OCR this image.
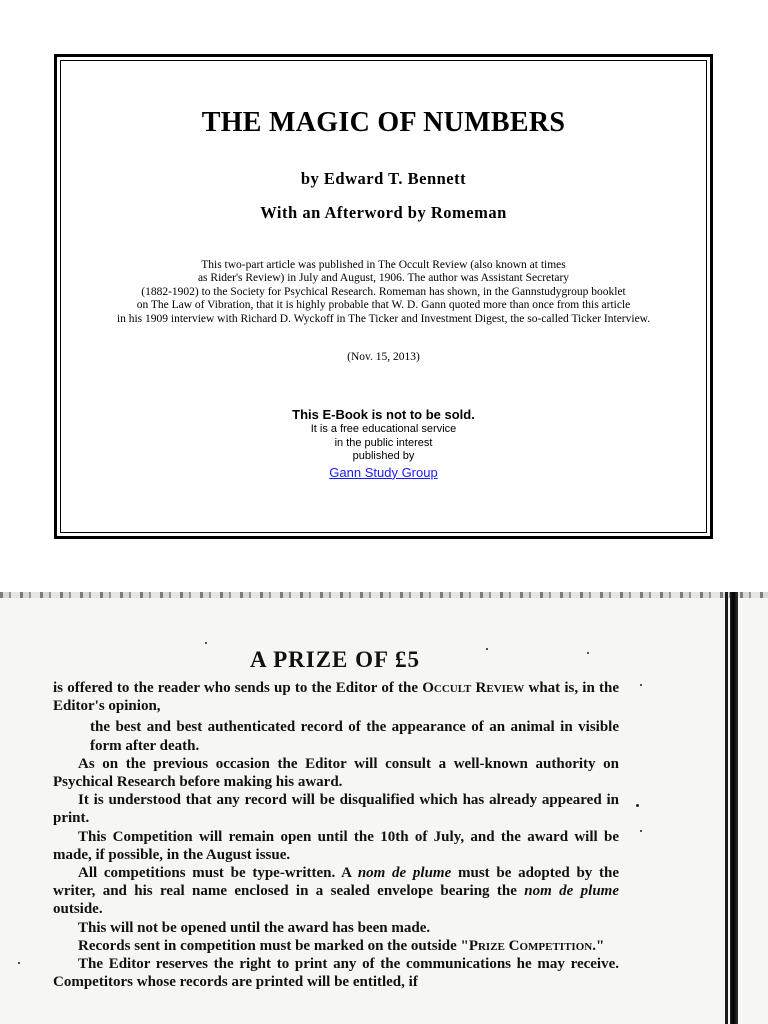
THE MAGIC OF NUMBERS
by Edward T. Bennett
With an Afterword by Romeman
This two-part article was published in The Occult Review (also known at times
as Rider's Review) in July and August, 1906. The author was Assistant Secretary
(1882-1902) to the Society for Psychical Research. Romeman has shown, in the Gannstudygroup booklet
on The Law of Vibration, that it is highly probable that W. D. Gann quoted more than once from this article
in his 1909 interview with Richard D. Wyckoff in The Ticker and Investment Digest, the so-called Ticker Interview.
(Nov. 15, 2013)
This E-Book is not to be sold.
It is a free educational service
in the public interest
published by
Gann Study Group
A PRIZE OF £5

is offered to the reader who sends up to the Editor of the Occult Review what is, in the Editor's opinion,

the best and best authenticated record of the appearance of an animal in visible form after death.

As on the previous occasion the Editor will consult a well-known authority on Psychical Research before making his award.

It is understood that any record will be disqualified which has already appeared in print.

This Competition will remain open until the 10th of July, and the award will be made, if possible, in the August issue.

All competitions must be type-written. A nom de plume must be adopted by the writer, and his real name enclosed in a sealed envelope bearing the nom de plume outside.

This will not be opened until the award has been made.

Records sent in competition must be marked on the outside "Prize Competition."

The Editor reserves the right to print any of the communications he may receive. Competitors whose records are printed will be entitled, if
